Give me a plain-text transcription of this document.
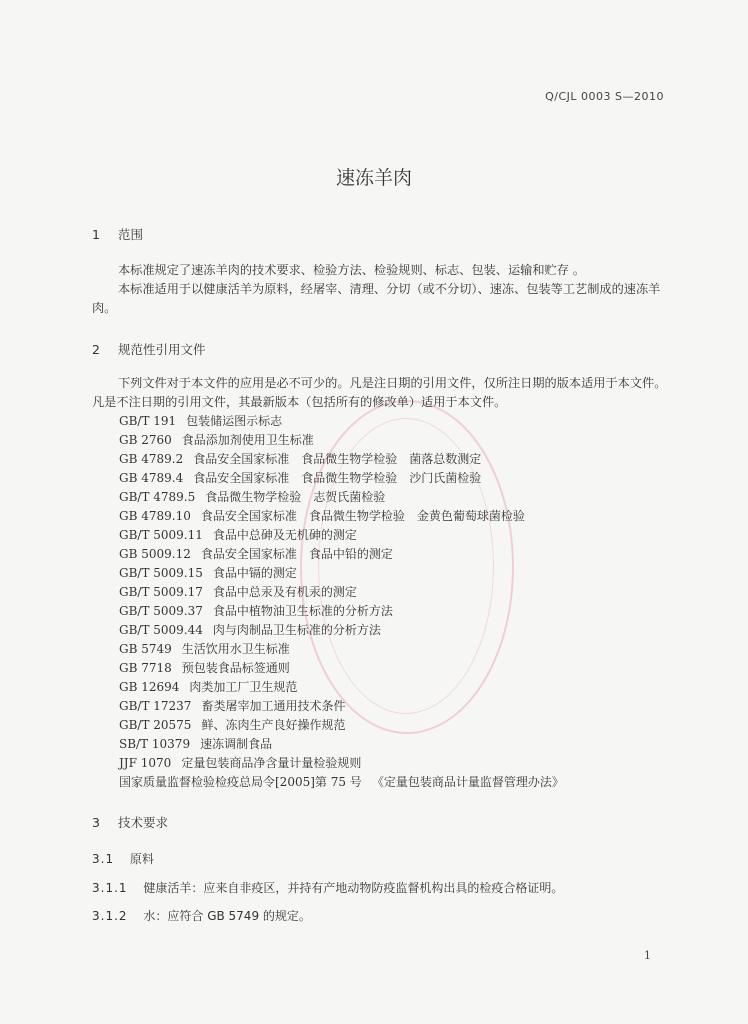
Q/CJL 0003 S—2010
速冻羊肉
1 范围
本标准规定了速冻羊肉的技术要求、检验方法、检验规则、标志、包装、运输和贮存 。
本标准适用于以健康活羊为原料，经屠宰、清理、分切（或不分切）、速冻、包装等工艺制成的速冻羊肉。
2 规范性引用文件
下列文件对于本文件的应用是必不可少的。凡是注日期的引用文件，仅所注日期的版本适用于本文件。凡是不注日期的引用文件，其最新版本（包括所有的修改单）适用于本文件。
GB/T 191 包装储运图示标志
GB 2760 食品添加剂使用卫生标准
GB 4789.2 食品安全国家标准　食品微生物学检验　菌落总数测定
GB 4789.4 食品安全国家标准　食品微生物学检验　沙门氏菌检验
GB/T 4789.5 食品微生物学检验　志贺氏菌检验
GB 4789.10 食品安全国家标准　食品微生物学检验　金黄色葡萄球菌检验
GB/T 5009.11 食品中总砷及无机砷的测定
GB 5009.12 食品安全国家标准　食品中铅的测定
GB/T 5009.15 食品中镉的测定
GB/T 5009.17 食品中总汞及有机汞的测定
GB/T 5009.37 食品中植物油卫生标准的分析方法
GB/T 5009.44 肉与肉制品卫生标准的分析方法
GB 5749 生活饮用水卫生标准
GB 7718 预包装食品标签通则
GB 12694 肉类加工厂卫生规范
GB/T 17237 畜类屠宰加工通用技术条件
GB/T 20575 鲜、冻肉生产良好操作规范
SB/T 10379 速冻调制食品
JJF 1070 定量包装商品净含量计量检验规则
国家质量监督检验检疫总局令[2005]第 75 号 《定量包装商品计量监督管理办法》
3 技术要求
3.1 原料
3.1.1 健康活羊：应来自非疫区，并持有产地动物防疫监督机构出具的检疫合格证明。
3.1.2 水：应符合 GB 5749 的规定。
1
